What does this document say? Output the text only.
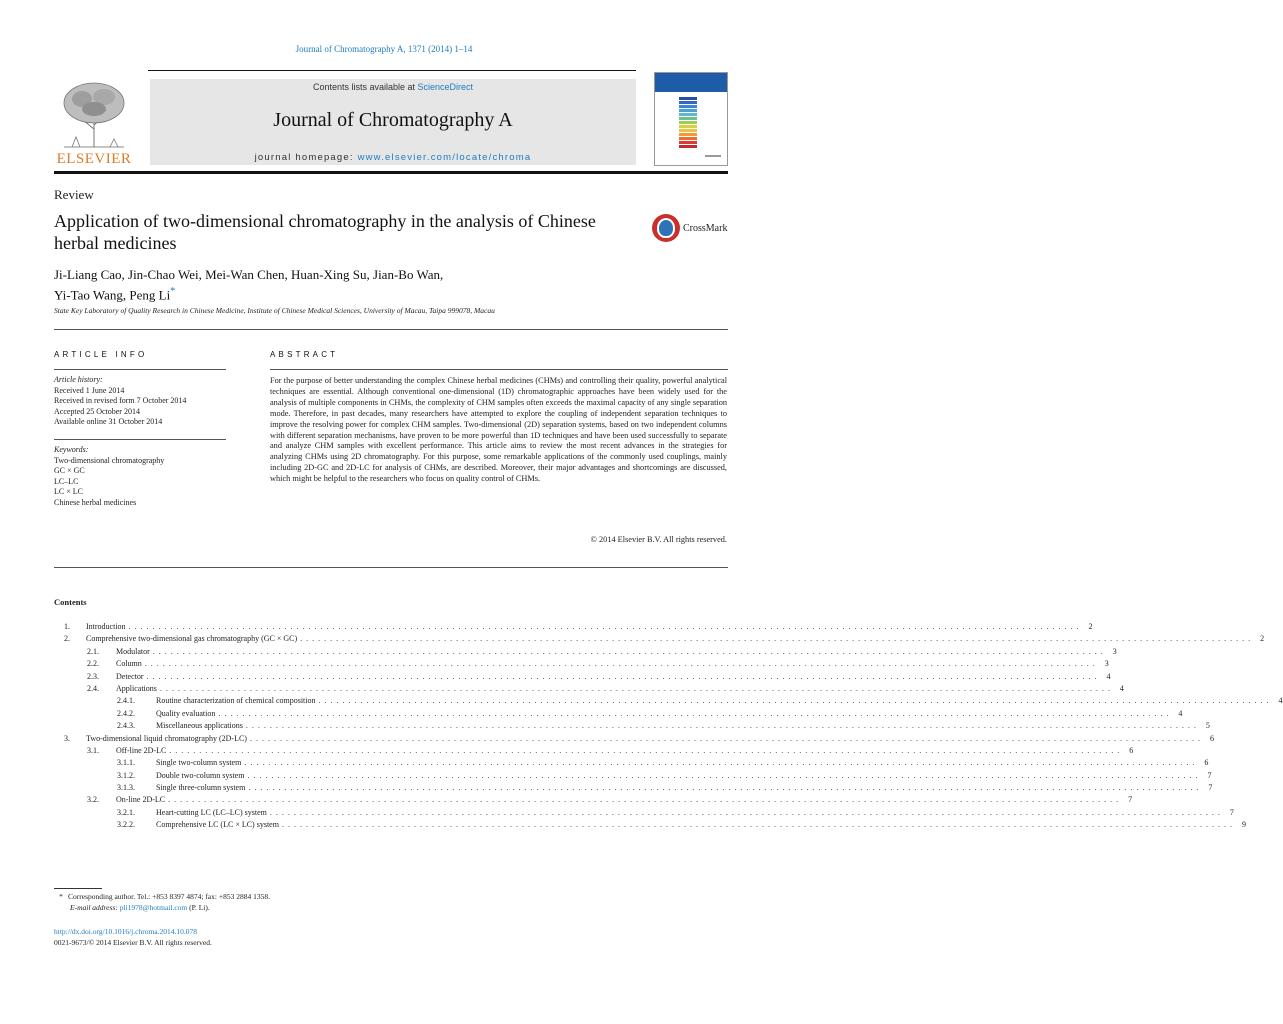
Journal of Chromatography A, 1371 (2014) 1–14
ELSEVIER
Contents lists available at ScienceDirect
Journal of Chromatography A
journal homepage: www.elsevier.com/locate/chroma
Review
Application of two-dimensional chromatography in the analysis of Chinese herbal medicines
CrossMark
Ji-Liang Cao, Jin-Chao Wei, Mei-Wan Chen, Huan-Xing Su, Jian-Bo Wan,
Yi-Tao Wang, Peng Li*
State Key Laboratory of Quality Research in Chinese Medicine, Institute of Chinese Medical Sciences, University of Macau, Taipa 999078, Macau
ARTICLE INFO
Article history:
Received 1 June 2014
Received in revised form 7 October 2014
Accepted 25 October 2014
Available online 31 October 2014
Keywords:
Two-dimensional chromatography
GC × GC
LC–LC
LC × LC
Chinese herbal medicines
ABSTRACT
For the purpose of better understanding the complex Chinese herbal medicines (CHMs) and controlling their quality, powerful analytical techniques are essential. Although conventional one-dimensional (1D) chromatographic approaches have been widely used for the analysis of multiple components in CHMs, the complexity of CHM samples often exceeds the maximal capacity of any single separation mode. Therefore, in past decades, many researchers have attempted to explore the coupling of independent separation techniques to improve the resolving power for complex CHM samples. Two-dimensional (2D) separation systems, based on two independent columns with different separation mechanisms, have proven to be more powerful than 1D techniques and have been used successfully to separate and analyze CHM samples with excellent performance. This article aims to review the most recent advances in the strategies for analyzing CHMs using 2D chromatography. For this purpose, some remarkable applications of the commonly used couplings, mainly including 2D-GC and 2D-LC for analysis of CHMs, are described. Moreover, their major advantages and shortcomings are discussed, which might be helpful to the researchers who focus on quality control of CHMs.
© 2014 Elsevier B.V. All rights reserved.
Contents
1.	Introduction . . . . . . . . . . . . . . . . . . . . . . . . . . . . . . . . . . . . . . . . . . . . . . . . . . . . . . . . . . . . . . . . . . . . . . . . . . . . . . . . . . . . . . . . . . . . . . . . . . . . . . . . . . . . . . . . . . . . . . . . . . . . . . . . . . . . . . . . . . . . . . . . . . . . . . . . . . . . . . .	2
2.	Comprehensive two-dimensional gas chromatography (GC × GC) . . . . . . . . . . . . . . . . . . . . . . . . . . . . . . . . . . . . . . . . . . . . . . . . . . . . . . . . . . . . . . . . . . . . . . . . . . . . . . . . . . . . . . . . . . . . . . . . . . . . . . . . . . . . . . . . . . . . . . . . . . . . . . . . . . . . . . . . . . . . . . . . . . . . . . . . . . . . . . .	2
2.1.	Modulator . . . . . . . . . . . . . . . . . . . . . . . . . . . . . . . . . . . . . . . . . . . . . . . . . . . . . . . . . . . . . . . . . . . . . . . . . . . . . . . . . . . . . . . . . . . . . . . . . . . . . . . . . . . . . . . . . . . . . . . . . . . . . . . . . . . . . . . . . . . . . . . . . . . . . . . . . . . . . . .	3
2.2.	Column . . . . . . . . . . . . . . . . . . . . . . . . . . . . . . . . . . . . . . . . . . . . . . . . . . . . . . . . . . . . . . . . . . . . . . . . . . . . . . . . . . . . . . . . . . . . . . . . . . . . . . . . . . . . . . . . . . . . . . . . . . . . . . . . . . . . . . . . . . . . . . . . . . . . . . . . . . . . . . .	3
2.3.	Detector . . . . . . . . . . . . . . . . . . . . . . . . . . . . . . . . . . . . . . . . . . . . . . . . . . . . . . . . . . . . . . . . . . . . . . . . . . . . . . . . . . . . . . . . . . . . . . . . . . . . . . . . . . . . . . . . . . . . . . . . . . . . . . . . . . . . . . . . . . . . . . . . . . . . . . . . . . . . . . .	4
2.4.	Applications . . . . . . . . . . . . . . . . . . . . . . . . . . . . . . . . . . . . . . . . . . . . . . . . . . . . . . . . . . . . . . . . . . . . . . . . . . . . . . . . . . . . . . . . . . . . . . . . . . . . . . . . . . . . . . . . . . . . . . . . . . . . . . . . . . . . . . . . . . . . . . . . . . . . . . . . . . . . . . .	4
2.4.1.	Routine characterization of chemical composition . . . . . . . . . . . . . . . . . . . . . . . . . . . . . . . . . . . . . . . . . . . . . . . . . . . . . . . . . . . . . . . . . . . . . . . . . . . . . . . . . . . . . . . . . . . . . . . . . . . . . . . . . . . . . . . . . . . . . . . . . . . . . . . . . . . . . . . . . . . . . . . . . . . . . . . . . . . . . . .	4
2.4.2.	Quality evaluation . . . . . . . . . . . . . . . . . . . . . . . . . . . . . . . . . . . . . . . . . . . . . . . . . . . . . . . . . . . . . . . . . . . . . . . . . . . . . . . . . . . . . . . . . . . . . . . . . . . . . . . . . . . . . . . . . . . . . . . . . . . . . . . . . . . . . . . . . . . . . . . . . . . . . . . . . . . . . . .	4
2.4.3.	Miscellaneous applications . . . . . . . . . . . . . . . . . . . . . . . . . . . . . . . . . . . . . . . . . . . . . . . . . . . . . . . . . . . . . . . . . . . . . . . . . . . . . . . . . . . . . . . . . . . . . . . . . . . . . . . . . . . . . . . . . . . . . . . . . . . . . . . . . . . . . . . . . . . . . . . . . . . . . . . . . . . . . . .	5
3.	Two-dimensional liquid chromatography (2D-LC) . . . . . . . . . . . . . . . . . . . . . . . . . . . . . . . . . . . . . . . . . . . . . . . . . . . . . . . . . . . . . . . . . . . . . . . . . . . . . . . . . . . . . . . . . . . . . . . . . . . . . . . . . . . . . . . . . . . . . . . . . . . . . . . . . . . . . . . . . . . . . . . . . . . . . . . . . . . . . . .	6
3.1.	Off-line 2D-LC . . . . . . . . . . . . . . . . . . . . . . . . . . . . . . . . . . . . . . . . . . . . . . . . . . . . . . . . . . . . . . . . . . . . . . . . . . . . . . . . . . . . . . . . . . . . . . . . . . . . . . . . . . . . . . . . . . . . . . . . . . . . . . . . . . . . . . . . . . . . . . . . . . . . . . . . . . . . . . .	6
3.1.1.	Single two-column system . . . . . . . . . . . . . . . . . . . . . . . . . . . . . . . . . . . . . . . . . . . . . . . . . . . . . . . . . . . . . . . . . . . . . . . . . . . . . . . . . . . . . . . . . . . . . . . . . . . . . . . . . . . . . . . . . . . . . . . . . . . . . . . . . . . . . . . . . . . . . . . . . . . . . . . . . . . . . . .	6
3.1.2.	Double two-column system . . . . . . . . . . . . . . . . . . . . . . . . . . . . . . . . . . . . . . . . . . . . . . . . . . . . . . . . . . . . . . . . . . . . . . . . . . . . . . . . . . . . . . . . . . . . . . . . . . . . . . . . . . . . . . . . . . . . . . . . . . . . . . . . . . . . . . . . . . . . . . . . . . . . . . . . . . . . . . .	7
3.1.3.	Single three-column system . . . . . . . . . . . . . . . . . . . . . . . . . . . . . . . . . . . . . . . . . . . . . . . . . . . . . . . . . . . . . . . . . . . . . . . . . . . . . . . . . . . . . . . . . . . . . . . . . . . . . . . . . . . . . . . . . . . . . . . . . . . . . . . . . . . . . . . . . . . . . . . . . . . . . . . . . . . . . . .	7
3.2.	On-line 2D-LC . . . . . . . . . . . . . . . . . . . . . . . . . . . . . . . . . . . . . . . . . . . . . . . . . . . . . . . . . . . . . . . . . . . . . . . . . . . . . . . . . . . . . . . . . . . . . . . . . . . . . . . . . . . . . . . . . . . . . . . . . . . . . . . . . . . . . . . . . . . . . . . . . . . . . . . . . . . . . . .	7
3.2.1.	Heart-cutting LC (LC–LC) system . . . . . . . . . . . . . . . . . . . . . . . . . . . . . . . . . . . . . . . . . . . . . . . . . . . . . . . . . . . . . . . . . . . . . . . . . . . . . . . . . . . . . . . . . . . . . . . . . . . . . . . . . . . . . . . . . . . . . . . . . . . . . . . . . . . . . . . . . . . . . . . . . . . . . . . . . . . . . . .	7
3.2.2.	Comprehensive LC (LC × LC) system . . . . . . . . . . . . . . . . . . . . . . . . . . . . . . . . . . . . . . . . . . . . . . . . . . . . . . . . . . . . . . . . . . . . . . . . . . . . . . . . . . . . . . . . . . . . . . . . . . . . . . . . . . . . . . . . . . . . . . . . . . . . . . . . . . . . . . . . . . . . . . . . . . . . . . . . . . . . . . .	9
* Corresponding author. Tel.: +853 8397 4874; fax: +853 2884 1358.
E-mail address: pli1978@hotmail.com (P. Li).
http://dx.doi.org/10.1016/j.chroma.2014.10.078
0021-9673/© 2014 Elsevier B.V. All rights reserved.
